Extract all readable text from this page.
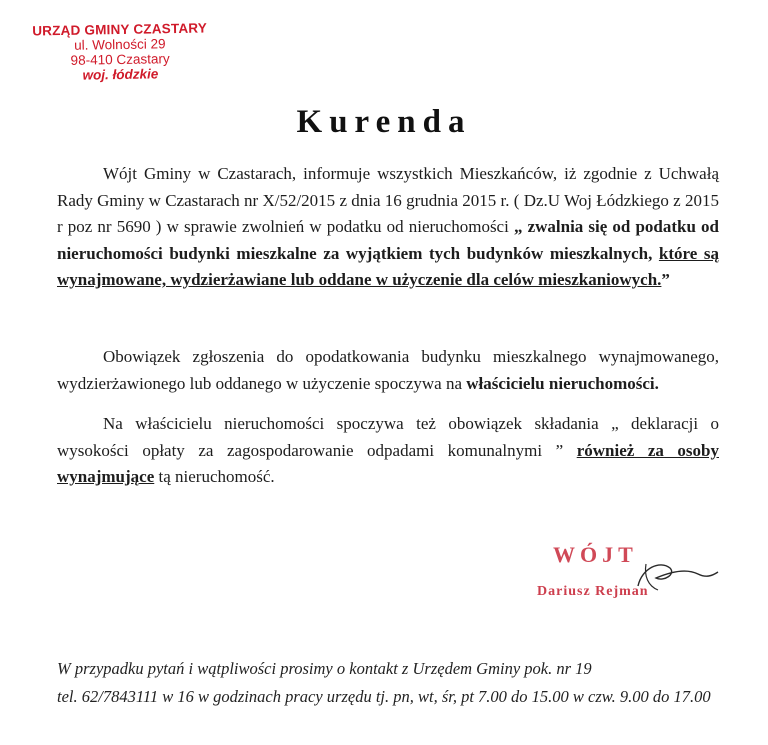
URZĄD GMINY CZASTARY
ul. Wolności 29
98-410 Czastary
woj. łódzkie
Kurenda
Wójt Gminy w Czastarach, informuje wszystkich Mieszkańców, iż zgodnie z Uchwałą Rady Gminy w Czastarach nr X/52/2015 z dnia 16 grudnia 2015 r. ( Dz.U Woj Łódzkiego z 2015 r poz nr 5690 ) w sprawie zwolnień w podatku od nieruchomości „ zwalnia się od podatku od nieruchomości budynki mieszkalne za wyjątkiem tych budynków mieszkalnych, które są wynajmowane, wydzierżawiane lub oddane w użyczenie dla celów mieszkaniowych.”
Obowiązek zgłoszenia do opodatkowania budynku mieszkalnego wynajmowanego, wydzierżawionego lub oddanego w użyczenie spoczywa na właścicielu nieruchomości.
Na właścicielu nieruchomości spoczywa też obowiązek składania „ deklaracji o wysokości opłaty za zagospodarowanie odpadami komunalnymi ” również za osoby wynajmujące tą nieruchomość.
WÓJT
Dariusz Rejman
W przypadku pytań i wątpliwości prosimy o kontakt z Urzędem Gminy pok. nr 19
tel. 62/7843111 w 16 w godzinach pracy urzędu tj. pn, wt, śr, pt 7.00 do 15.00 w czw. 9.00 do 17.00
